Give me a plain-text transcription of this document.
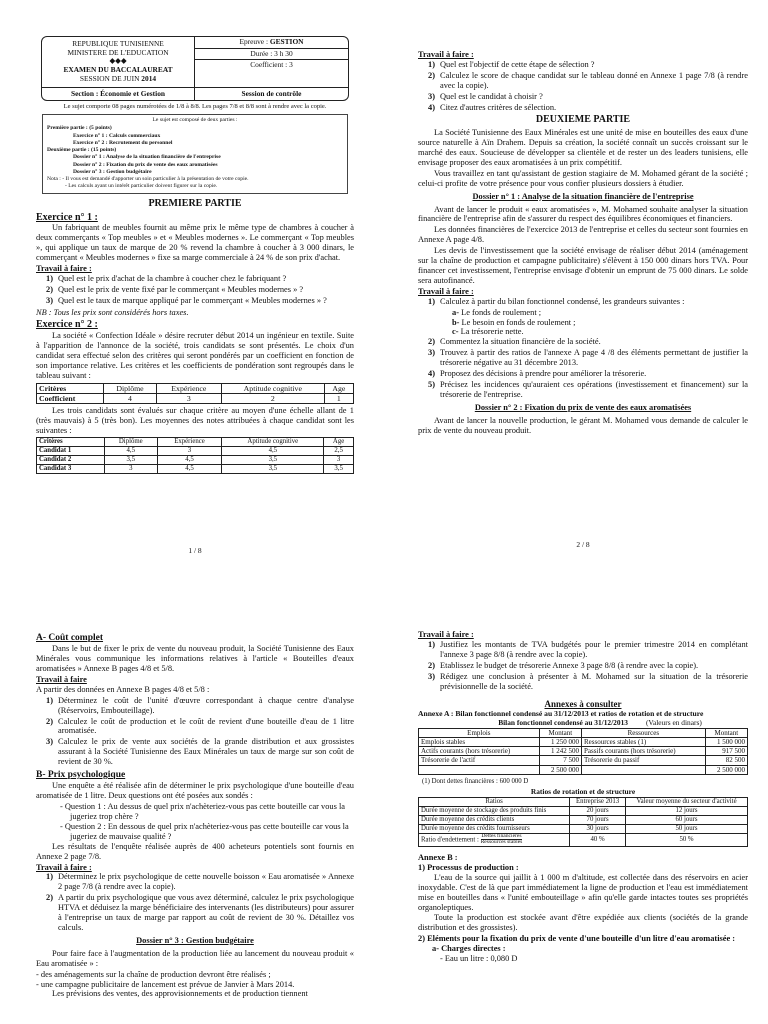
REPUBLIQUE TUNISIENNE
MINISTERE DE L'EDUCATION
◆◆◆
EXAMEN DU BACCALAUREAT
SESSION DE JUIN 2014
Epreuve : GESTION
Durée : 3 h 30
Coefficient : 3
Section : Économie et Gestion	Session de contrôle
Le sujet comporte 08 pages numérotées de 1/8 à 8/8. Les pages 7/8 et 8/8 sont à rendre avec la copie.
Le sujet est composé de deux parties :
Première partie : (5 points)
Exercice n° 1 : Calculs commerciaux
Exercice n° 2 : Recrutement du personnel
Deuxième partie : (15 points)
Dossier n° 1 : Analyse de la situation financière de l'entreprise
Dossier n° 2 : Fixation du prix de vente des eaux aromatisées
Dossier n° 3 : Gestion budgétaire
Nota : - Il vous est demandé d'apporter un soin particulier à la présentation de votre copie.
- Les calculs ayant un intérêt particulier doivent figurer sur la copie.
PREMIERE PARTIE
Exercice n° 1 :

Un fabriquant de meubles fournit au même prix le même type de chambres à coucher à deux commerçants « Top meubles » et « Meubles modernes ». Le commerçant « Top meubles », qui applique un taux de marque de 20 % revend la chambre à coucher à 3 000 dinars, le commerçant « Meubles modernes » fixe sa marge commerciale à 24 % de son prix d'achat.

Travail à faire :
1) Quel est le prix d'achat de la chambre à coucher chez le fabriquant ?
2) Quel est le prix de vente fixé par le commerçant « Meubles modernes » ?
3) Quel est le taux de marque appliqué par le commerçant « Meubles modernes » ?

NB : Tous les prix sont considérés hors taxes.

Exercice n° 2 :

La société « Confection Idéale » désire recruter début 2014 un ingénieur en textile. Suite à l'apparition de l'annonce de la société, trois candidats se sont présentés. Le choix d'un candidat sera effectué selon des critères qui seront pondérés par un coefficient en fonction de son importance relative. Les critères et les coefficients de pondération sont regroupés dans le tableau suivant :

Critères	Diplôme	Expérience	Aptitude cognitive	Age
Coefficient	4	3	2	1

Les trois candidats sont évalués sur chaque critère au moyen d'une échelle allant de 1 (très mauvais) à 5 (très bon). Les moyennes des notes attribuées à chaque candidat sont les suivantes :

Critères	Diplôme	Expérience	Aptitude cognitive	Age
Candidat 1	4,5	3	4,5	2,5
Candidat 2	3,5	4,5	3,5	3
Candidat 3	3	4,5	3,5	3,5
1 / 8
Travail à faire :
1) Quel est l'objectif de cette étape de sélection ?
2) Calculez le score de chaque candidat sur le tableau donné en Annexe 1 page 7/8 (à rendre avec la copie).
3) Quel est le candidat à choisir ?
4) Citez d'autres critères de sélection.
DEUXIEME PARTIE

La Société Tunisienne des Eaux Minérales est une unité de mise en bouteilles des eaux d'une source naturelle à Aïn Drahem. Depuis sa création, la société connaît un succès croissant sur le marché des eaux. Soucieuse de développer sa clientèle et de rester un des leaders tunisiens, elle envisage proposer des eaux aromatisées à un prix compétitif.

Vous travaillez en tant qu'assistant de gestion stagiaire de M. Mohamed gérant de la société ; celui-ci profite de votre présence pour vous confier plusieurs dossiers à étudier.

Dossier n° 1 : Analyse de la situation financière de l'entreprise

Avant de lancer le produit « eaux aromatisées », M. Mohamed souhaite analyser la situation financière de l'entreprise afin de s'assurer du respect des équilibres économiques et financiers.

Les données financières de l'exercice 2013 de l'entreprise et celles du secteur sont fournies en Annexe A page 4/8.

Les devis de l'investissement que la société envisage de réaliser début 2014 (aménagement sur la chaîne de production et campagne publicitaire) s'élèvent à 150 000 dinars hors TVA. Pour financer cet investissement, l'entreprise envisage d'obtenir un emprunt de 75 000 dinars. Le solde sera autofinancé.

Travail à faire :
1) Calculez à partir du bilan fonctionnel condensé, les grandeurs suivantes :
a- Le fonds de roulement ;
b- Le besoin en fonds de roulement ;
c- La trésorerie nette.
2) Commentez la situation financière de la société.
3) Trouvez à partir des ratios de l'annexe A page 4 /8 des éléments permettant de justifier la trésorerie négative au 31 décembre 2013.
4) Proposez des décisions à prendre pour améliorer la trésorerie.
5) Précisez les incidences qu'auraient ces opérations (investissement et financement) sur la trésorerie de l'entreprise.
Dossier n° 2 : Fixation du prix de vente des eaux aromatisées

Avant de lancer la nouvelle production, le gérant M. Mohamed vous demande de calculer le prix de vente du nouveau produit.

2 / 8
A- Coût complet

Dans le but de fixer le prix de vente du nouveau produit, la Société Tunisienne des Eaux Minérales vous communique les informations relatives à l'article « Bouteilles d'eaux aromatisées » Annexe B pages 4/8 et 5/8.

Travail à faire

A partir des données en Annexe B pages 4/8 et 5/8 :

1) Déterminez le coût de l'unité d'œuvre correspondant à chaque centre d'analyse (Réservoirs, Embouteillage).
2) Calculez le coût de production et le coût de revient d'une bouteille d'eau de 1 litre aromatisée.
3) Calculez le prix de vente aux sociétés de la grande distribution et aux grossistes assurant à la Société Tunisienne des Eaux Minérales un taux de marge sur son coût de revient de 30 %.
B- Prix psychologique

Une enquête a été réalisée afin de déterminer le prix psychologique d'une bouteille d'eau aromatisée de 1 litre. Deux questions ont été posées aux sondés :

- Question 1 : Au dessus de quel prix n'achèteriez-vous pas cette bouteille car vous la jugeriez trop chère ?
- Question 2 : En dessous de quel prix n'achèteriez-vous pas cette bouteille car vous la jugeriez de mauvaise qualité ?

Les résultats de l'enquête réalisée auprès de 400 acheteurs potentiels sont fournis en Annexe 2 page 7/8.

Travail à faire :
1) Déterminez le prix psychologique de cette nouvelle boisson « Eau aromatisée » Annexe 2 page 7/8 (à rendre avec la copie).
2) A partir du prix psychologique que vous avez déterminé, calculez le prix psychologique HTVA et déduisez la marge bénéficiaire des intervenants (les distributeurs) pour assurer à l'entreprise un taux de marge par rapport au coût de revient de 30 %. Détaillez vos calculs.
Dossier n° 3 : Gestion budgétaire

Pour faire face à l'augmentation de la production liée au lancement du nouveau produit « Eau aromatisée » :

- des aménagements sur la chaîne de production devront être réalisés ;
- une campagne publicitaire de lancement est prévue de Janvier à Mars 2014.

Les prévisions des ventes, des approvisionnements et de production tiennent

Travail à faire :
1) Justifiez les montants de TVA budgétés pour le premier trimestre 2014 en complétant l'annexe 3 page 8/8 (à rendre avec la copie).
2) Etablissez le budget de trésorerie Annexe 3 page 8/8 (à rendre avec la copie).
3) Rédigez une conclusion à présenter à M. Mohamed sur la situation de la trésorerie prévisionnelle de la société.
Annexes à consulter
Annexe A : Bilan fonctionnel condensé au 31/12/2013 et ratios de rotation et de structure
Bilan fonctionnel condensé au 31/12/2013 (Valeurs en dinars)
Emplois	Montant	Ressources	Montant
Emplois stables	1 250 000	Ressources stables (1)	1 500 000
Actifs courants (hors trésorerie)	1 242 500	Passifs courants (hors trésorerie)	917 500
Trésorerie de l'actif	7 500	Trésorerie du passif	82 500
	2 500 000		2 500 000
(1) Dont dettes financières : 600 000 D
Ratios de rotation et de structure
Ratios	Entreprise 2013	Valeur moyenne du secteur d'activité
Durée moyenne de stockage des produits finis	20 jours	12 jours
Durée moyenne des crédits clients	70 jours	60 jours
Durée moyenne des crédits fournisseurs	30 jours	50 jours
Ratio d'endettement :
Dettes financières
Ressources stables	40 %	50 %
Annexe B :
1) Processus de production :

L'eau de la source qui jaillit à 1 000 m d'altitude, est collectée dans des réservoirs en acier inoxydable. C'est de là que part immédiatement la ligne de production et l'eau est immédiatement mise en bouteilles dans « l'unité embouteillage » afin qu'elle garde intactes toutes ses propriétés organoleptiques.

Toute la production est stockée avant d'être expédiée aux clients (sociétés de la grande distribution et des grossistes).

2) Eléments pour la fixation du prix de vente d'une bouteille d'un litre d'eau aromatisée :
a- Charges directes :
- Eau un litre : 0,080 D
